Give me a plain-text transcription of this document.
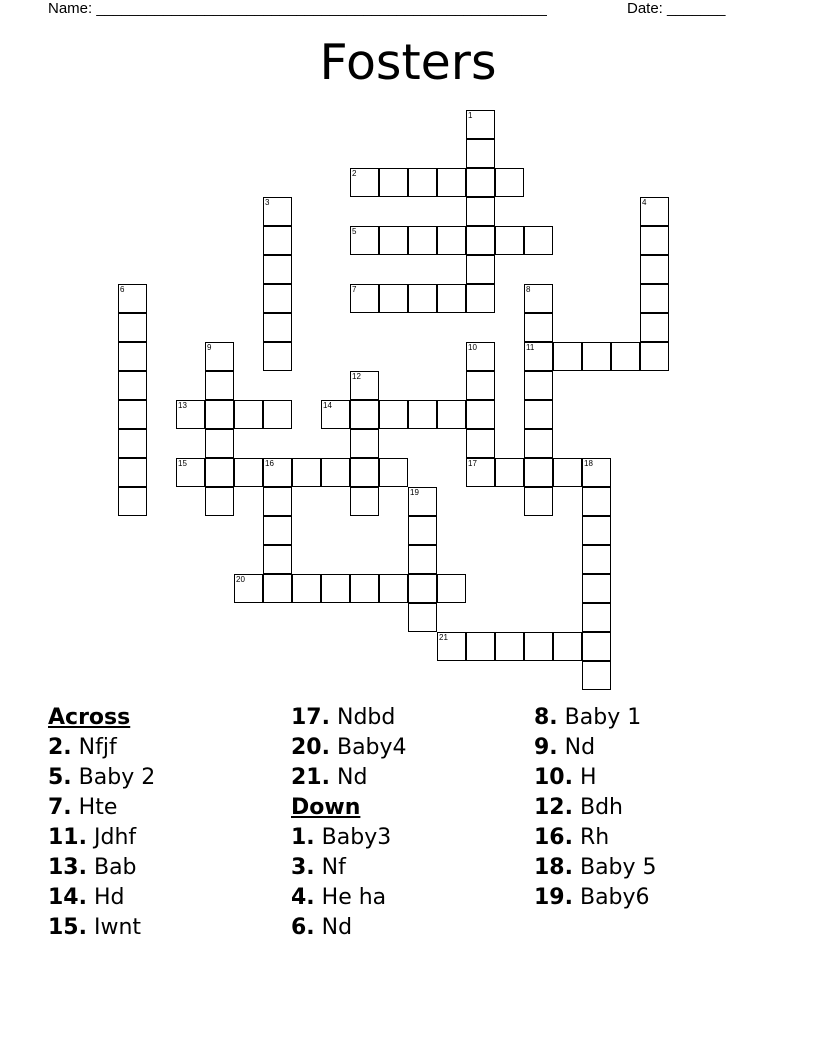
Name: ______________________________________________________	Date: _______
Fosters
1
2
3	4
5
6	7	8
11
9	10
17
12
13	14
15	16	18
19
20
21
Across
2. Nfjf
5. Baby 2
7. Hte
11. Jdhf
13. Bab
14. Hd
15. Iwnt
17. Ndbd
20. Baby4
21. Nd
Down
1. Baby3
3. Nf
4. He ha
6. Nd
8. Baby 1
9. Nd
10. H
12. Bdh
16. Rh
18. Baby 5
19. Baby6
